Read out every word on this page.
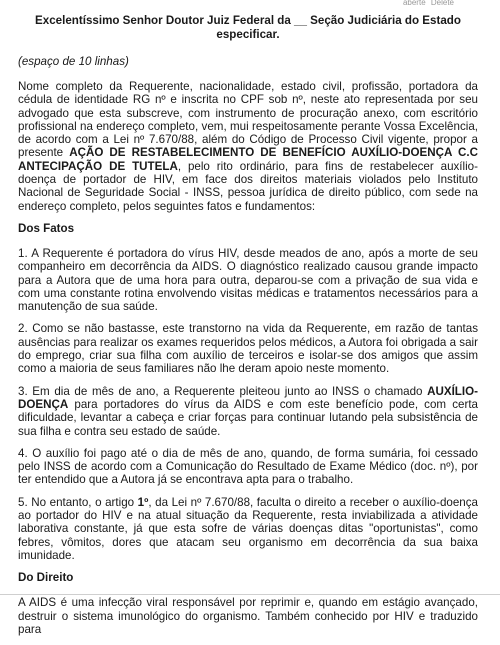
abertê Delete
Excelentíssimo Senhor Doutor Juiz Federal da __ Seção Judiciária do Estado especificar.
(espaço de 10 linhas)

Nome completo da Requerente, nacionalidade, estado civil, profissão, portadora da cédula de identidade RG nº e inscrita no CPF sob nº, neste ato representada por seu advogado que esta subscreve, com instrumento de procuração anexo, com escritório profissional na endereço completo, vem, mui respeitosamente perante Vossa Excelência, de acordo com a Lei nº 7.670/88, além do Código de Processo Civil vigente, propor a presente AÇÃO DE RESTABELECIMENTO DE BENEFÍCIO AUXÍLIO-DOENÇA C.C ANTECIPAÇÃO DE TUTELA, pelo rito ordinário, para fins de restabelecer auxílio-doença de portador de HIV, em face dos direitos materiais violados pelo Instituto Nacional de Seguridade Social - INSS, pessoa jurídica de direito público, com sede na endereço completo, pelos seguintes fatos e fundamentos:

Dos Fatos

1. A Requerente é portadora do vírus HIV, desde meados de ano, após a morte de seu companheiro em decorrência da AIDS. O diagnóstico realizado causou grande impacto para a Autora que de uma hora para outra, deparou-se com a privação de sua vida e com uma constante rotina envolvendo visitas médicas e tratamentos necessários para a manutenção de sua saúde.

2. Como se não bastasse, este transtorno na vida da Requerente, em razão de tantas ausências para realizar os exames requeridos pelos médicos, a Autora foi obrigada a sair do emprego, criar sua filha com auxílio de terceiros e isolar-se dos amigos que assim como a maioria de seus familiares não lhe deram apoio neste momento.

3. Em dia de mês de ano, a Requerente pleiteou junto ao INSS o chamado AUXÍLIO-DOENÇA para portadores do vírus da AIDS e com este benefício pode, com certa dificuldade, levantar a cabeça e criar forças para continuar lutando pela subsistência de sua filha e contra seu estado de saúde.

4. O auxílio foi pago até o dia de mês de ano, quando, de forma sumária, foi cessado pelo INSS de acordo com a Comunicação do Resultado de Exame Médico (doc. nº), por ter entendido que a Autora já se encontrava apta para o trabalho.

5. No entanto, o artigo 1º, da Lei nº 7.670/88, faculta o direito a receber o auxílio-doença ao portador do HIV e na atual situação da Requerente, resta inviabilizada a atividade laborativa constante, já que esta sofre de várias doenças ditas "oportunistas", como febres, vômitos, dores que atacam seu organismo em decorrência da sua baixa imunidade.

Do Direito

A AIDS é uma infecção viral responsável por reprimir e, quando em estágio avançado, destruir o sistema imunológico do organismo. Também conhecido por HIV e traduzido para
